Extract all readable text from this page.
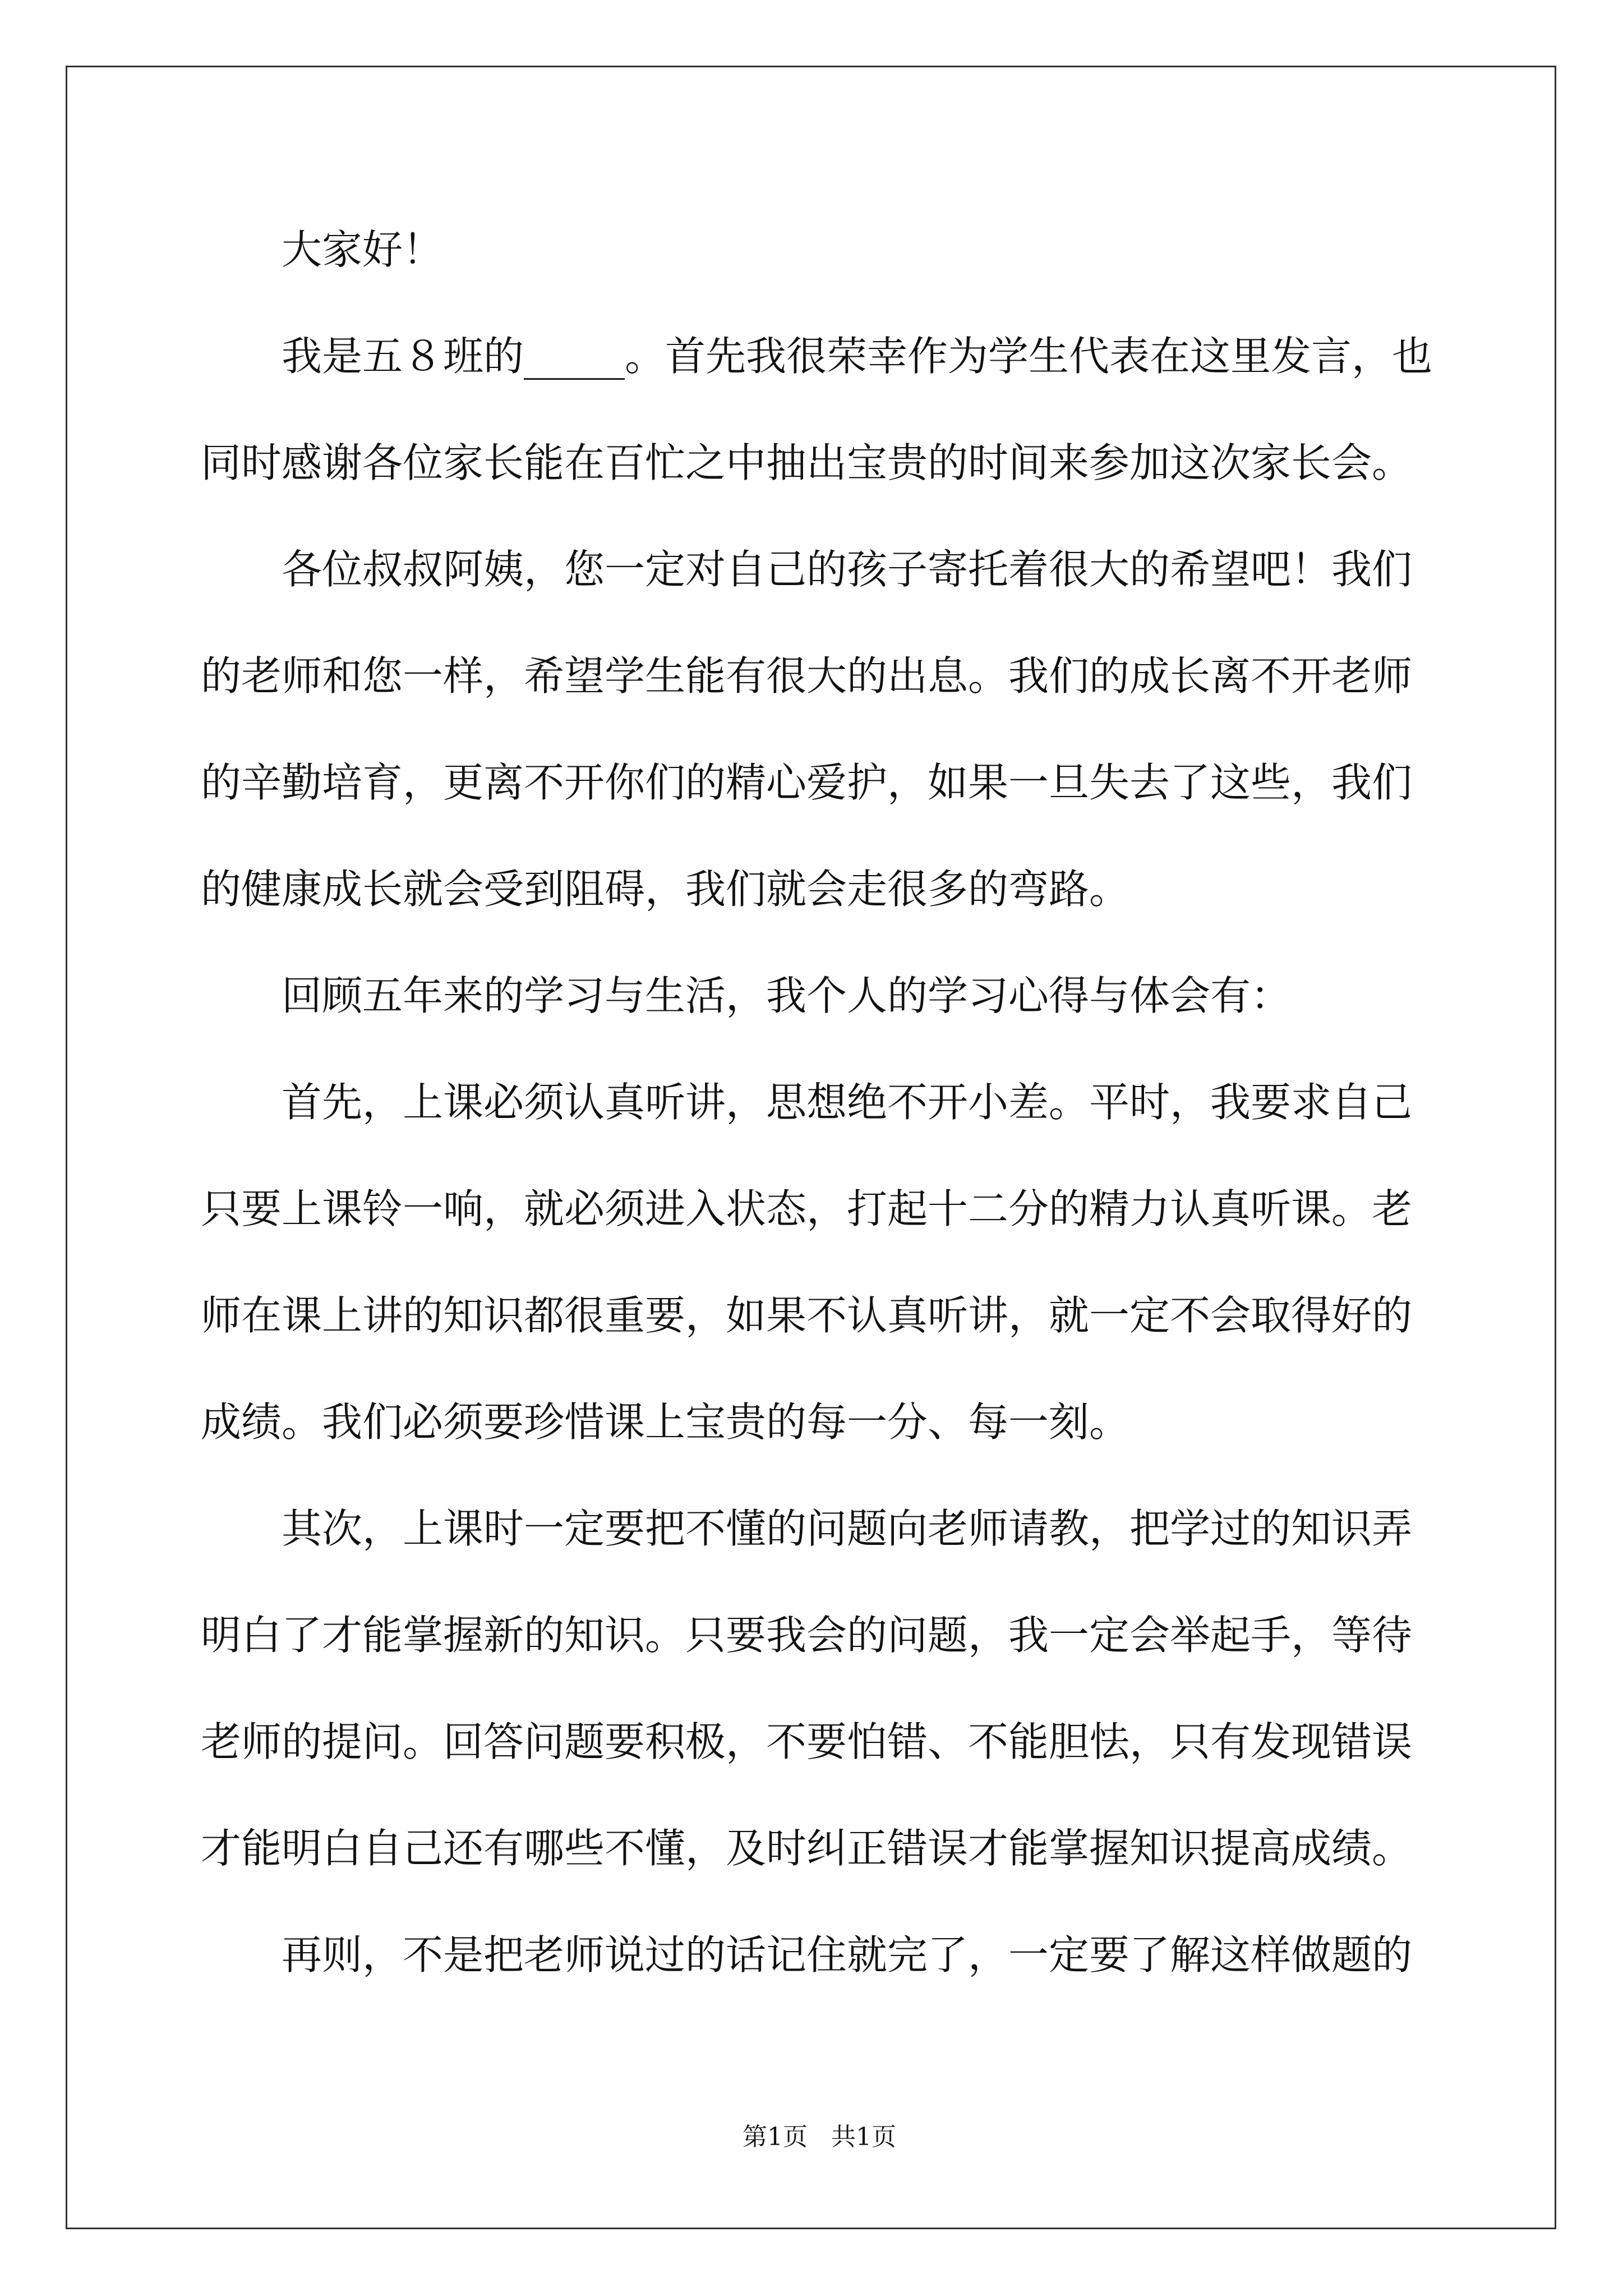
大家好！

我是五８班的_____。首先我很荣幸作为学生代表在这里发言，也

同时感谢各位家长能在百忙之中抽出宝贵的时间来参加这次家长会。

各位叔叔阿姨，您一定对自己的孩子寄托着很大的希望吧！我们

的老师和您一样，希望学生能有很大的出息。我们的成长离不开老师

的辛勤培育，更离不开你们的精心爱护，如果一旦失去了这些，我们

的健康成长就会受到阻碍，我们就会走很多的弯路。

回顾五年来的学习与生活，我个人的学习心得与体会有：

首先，上课必须认真听讲，思想绝不开小差。平时，我要求自己

只要上课铃一响，就必须进入状态，打起十二分的精力认真听课。老

师在课上讲的知识都很重要，如果不认真听讲，就一定不会取得好的

成绩。我们必须要珍惜课上宝贵的每一分、每一刻。

其次，上课时一定要把不懂的问题向老师请教，把学过的知识弄

明白了才能掌握新的知识。只要我会的问题，我一定会举起手，等待

老师的提问。回答问题要积极，不要怕错、不能胆怯，只有发现错误

才能明白自己还有哪些不懂，及时纠正错误才能掌握知识提高成绩。

再则，不是把老师说过的话记住就完了，一定要了解这样做题的

第1页   共1页
